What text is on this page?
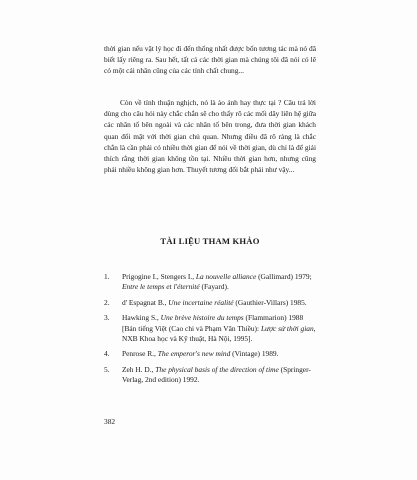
thời gian nếu vật lý học đi đến thống nhất được bốn tương tác mà nó đã biết lấy riêng ra. Sau hết, tất cả các thời gian mà chúng tôi đã nói có lẽ có một cái nhân cũng của các tính chất chung...

Còn về tính thuận nghịch, nó là ảo ảnh hay thực tại ? Câu trả lời dùng cho câu hỏi này chắc chắn sẽ cho thấy rõ các mối dây liên hệ giữa các nhân tố bên ngoài và các nhân tố bên trong, đưa thời gian khách quan đối mặt với thời gian chủ quan. Nhưng điều đã rõ ràng là chắc chắn là cần phải có nhiều thời gian để nói về thời gian, dù chỉ là để giải thích rằng thời gian không tồn tại. Nhiều thời gian hơn, nhưng cũng phải nhiều không gian hơn. Thuyết tương đối bắt phải như vậy...

TÀI LIỆU THAM KHẢO
1. Prigogine I., Stengers I., La nouvelle alliance (Gallimard) 1979; Entre le temps et l'éternité (Fayard).
2. d' Espagnat B., Une incertaine réalité (Gauthier-Villars) 1985.
3. Hawking S., Une brève histoire du temps (Flammarion) 1988 [Bản tiếng Việt (Cao chi và Phạm Văn Thiều): Lược sử thời gian, NXB Khoa học và Kỹ thuật, Hà Nội, 1995].
4. Penrose R., The emperor's new mind (Vintage) 1989.
5. Zeh H. D., The physical basis of the direction of time (Springer-Verlag, 2nd edition) 1992.
382
